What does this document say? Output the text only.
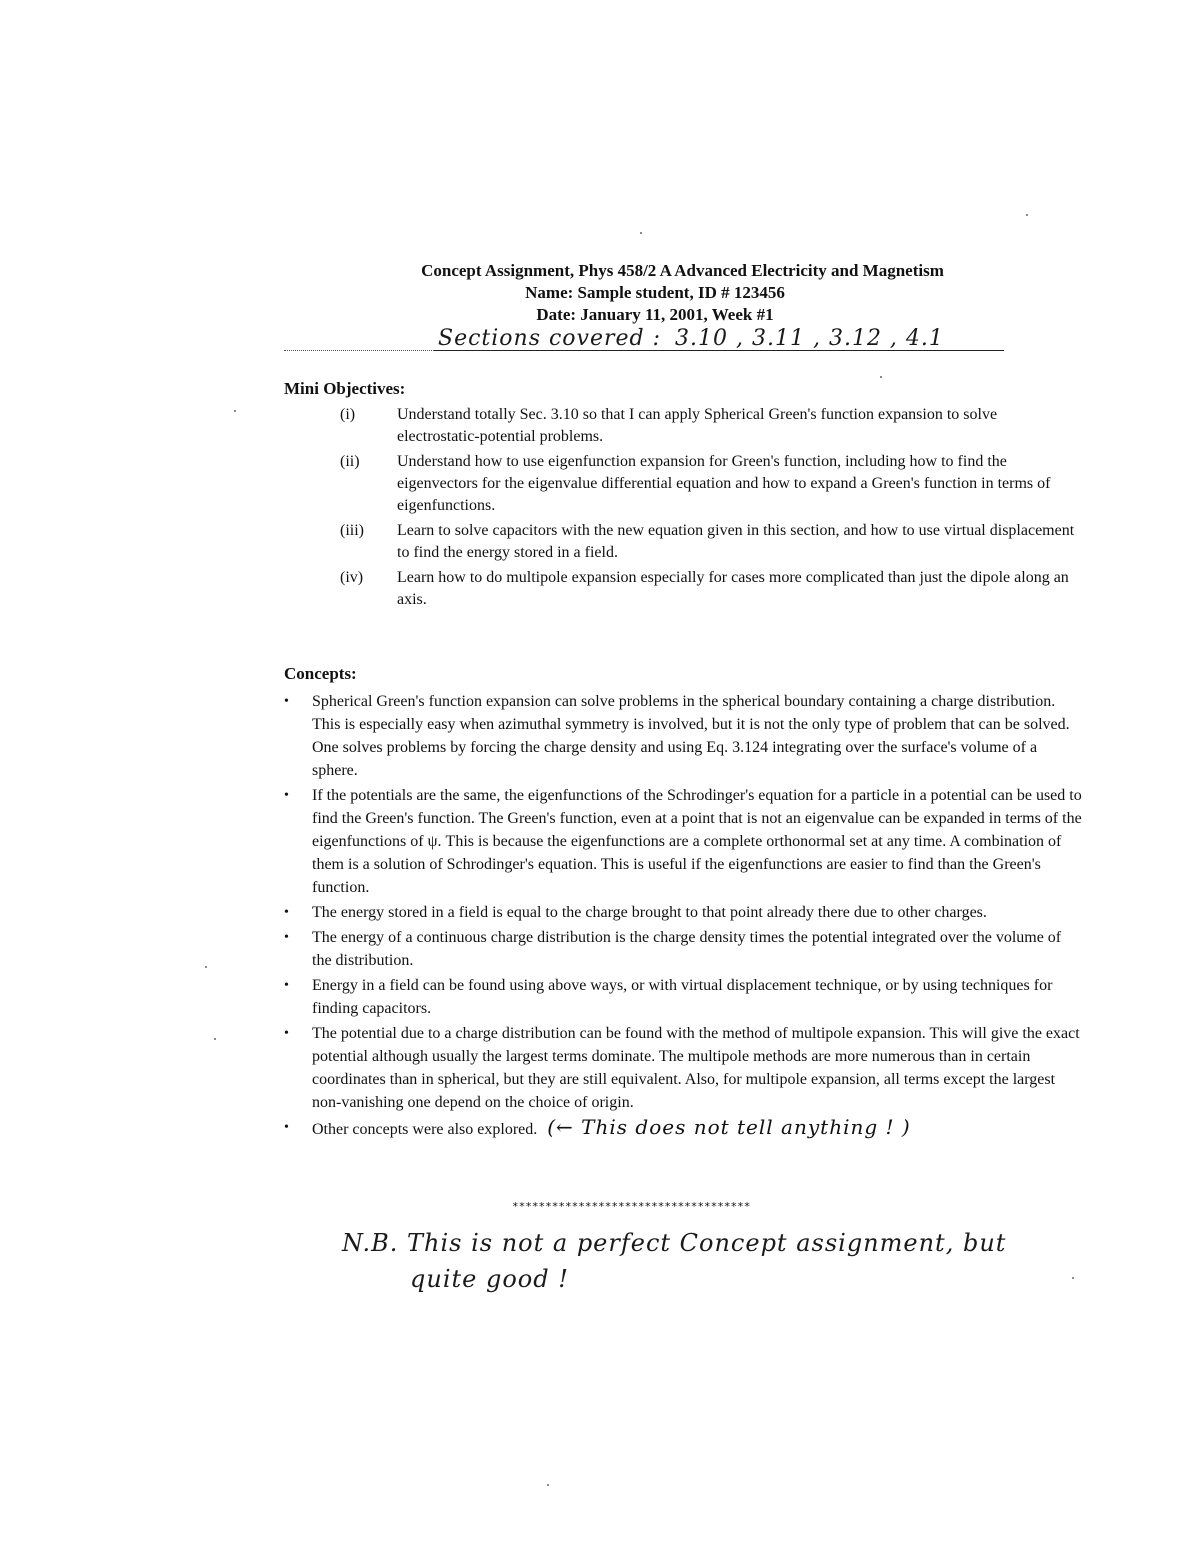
Concept Assignment, Phys 458/2 A Advanced Electricity and Magnetism
Name: Sample student, ID # 123456
Date: January 11, 2001, Week #1
Sections covered : 3.10 , 3.11 , 3.12 , 4.1
Mini Objectives:
(i)	Understand totally Sec. 3.10 so that I can apply Spherical Green's function expansion to solve electrostatic-potential problems.
(ii) Understand how to use eigenfunction expansion for Green's function, including how to find the eigenvectors for the eigenvalue differential equation and how to expand a Green's function in terms of eigenfunctions.
(iii) Learn to solve capacitors with the new equation given in this section, and how to use virtual displacement to find the energy stored in a field.
(iv) Learn how to do multipole expansion especially for cases more complicated than just the dipole along an axis.
Concepts:
• Spherical Green's function expansion can solve problems in the spherical boundary containing a charge distribution. This is especially easy when azimuthal symmetry is involved, but it is not the only type of problem that can be solved. One solves problems by forcing the charge density and using Eq. 3.124 integrating over the surface's volume of a sphere.
• If the potentials are the same, the eigenfunctions of the Schrodinger's equation for a particle in a potential can be used to find the Green's function. The Green's function, even at a point that is not an eigenvalue can be expanded in terms of the eigenfunctions of ψ. This is because the eigenfunctions are a complete orthonormal set at any time. A combination of them is a solution of Schrodinger's equation. This is useful if the eigenfunctions are easier to find than the Green's function.
• The energy stored in a field is equal to the charge brought to that point already there due to other charges.
• The energy of a continuous charge distribution is the charge density times the potential integrated over the volume of the distribution.
• Energy in a field can be found using above ways, or with virtual displacement technique, or by using techniques for finding capacitors.
• The potential due to a charge distribution can be found with the method of multipole expansion. This will give the exact potential although usually the largest terms dominate. The multipole methods are more numerous than in certain coordinates than in spherical, but they are still equivalent. Also, for multipole expansion, all terms except the largest non-vanishing one depend on the choice of origin.
• Other concepts were also explored. (← This does not tell anything ! )
************************************
N.B. This is not a perfect Concept assignment, but
quite good !
